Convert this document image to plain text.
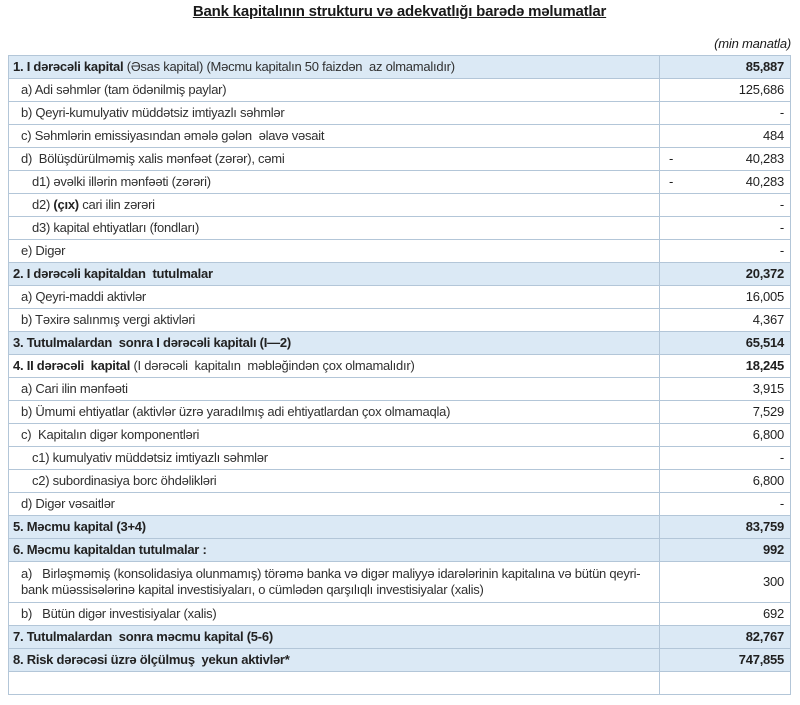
Bank kapitalının strukturu və adekvatlığı barədə məlumatlar
(min manatla)
1. I dərəcəli kapital (Əsas kapital) (Məcmu kapitalın 50 faizdən  az olmamalıdır)	85,887
a) Adi səhmlər (tam ödənilmiş paylar)	125,686
b) Qeyri-kumulyativ müddətsiz imtiyazlı səhmlər	-
c) Səhmlərin emissiyasından əmələ gələn  əlavə vəsait	484
d)  Bölüşdürülməmiş xalis mənfəət (zərər), cəmi	- 40,283
d1) əvəlki illərin mənfəəti (zərəri)	- 40,283
d2) (çıx) cari ilin zərəri	-
d3) kapital ehtiyatları (fondları)	-
e) Digər	-
2. I dərəcəli kapitaldan  tutulmalar	20,372
a) Qeyri-maddi aktivlər	16,005
b) Təxirə salınmış vergi aktivləri	4,367
3. Tutulmalardan  sonra I dərəcəli kapitalı (I—2)	65,514
4. II dərəcəli  kapital (I dərəcəli  kapitalın  məbləğindən çox olmamalıdır)	18,245
a) Cari ilin mənfəəti	3,915
b) Ümumi ehtiyatlar (aktivlər üzrə yaradılmış adi ehtiyatlardan çox olmamaqla)	7,529
c)  Kapitalın digər komponentləri	6,800
c1) kumulyativ müddətsiz imtiyazlı səhmlər	-
c2) subordinasiya borc öhdəlikləri	6,800
d) Digər vəsaitlər	-
5. Məcmu kapital (3+4)	83,759
6. Məcmu kapitaldan tutulmalar :	992
a)   Birləşməmiş (konsolidasiya olunmamış) törəmə banka və digər maliyyə idarələrinin kapitalına və bütün qeyri-bank müəssisələrinə kapital investisiyaları, o cümlədən qarşılıqlı investisiyalar (xalis)	300
b)   Bütün digər investisiyalar (xalis)	692
7. Tutulmalardan  sonra məcmu kapital (5-6)	82,767
8. Risk dərəcəsi üzrə ölçülmuş  yekun aktivlər*	747,855
